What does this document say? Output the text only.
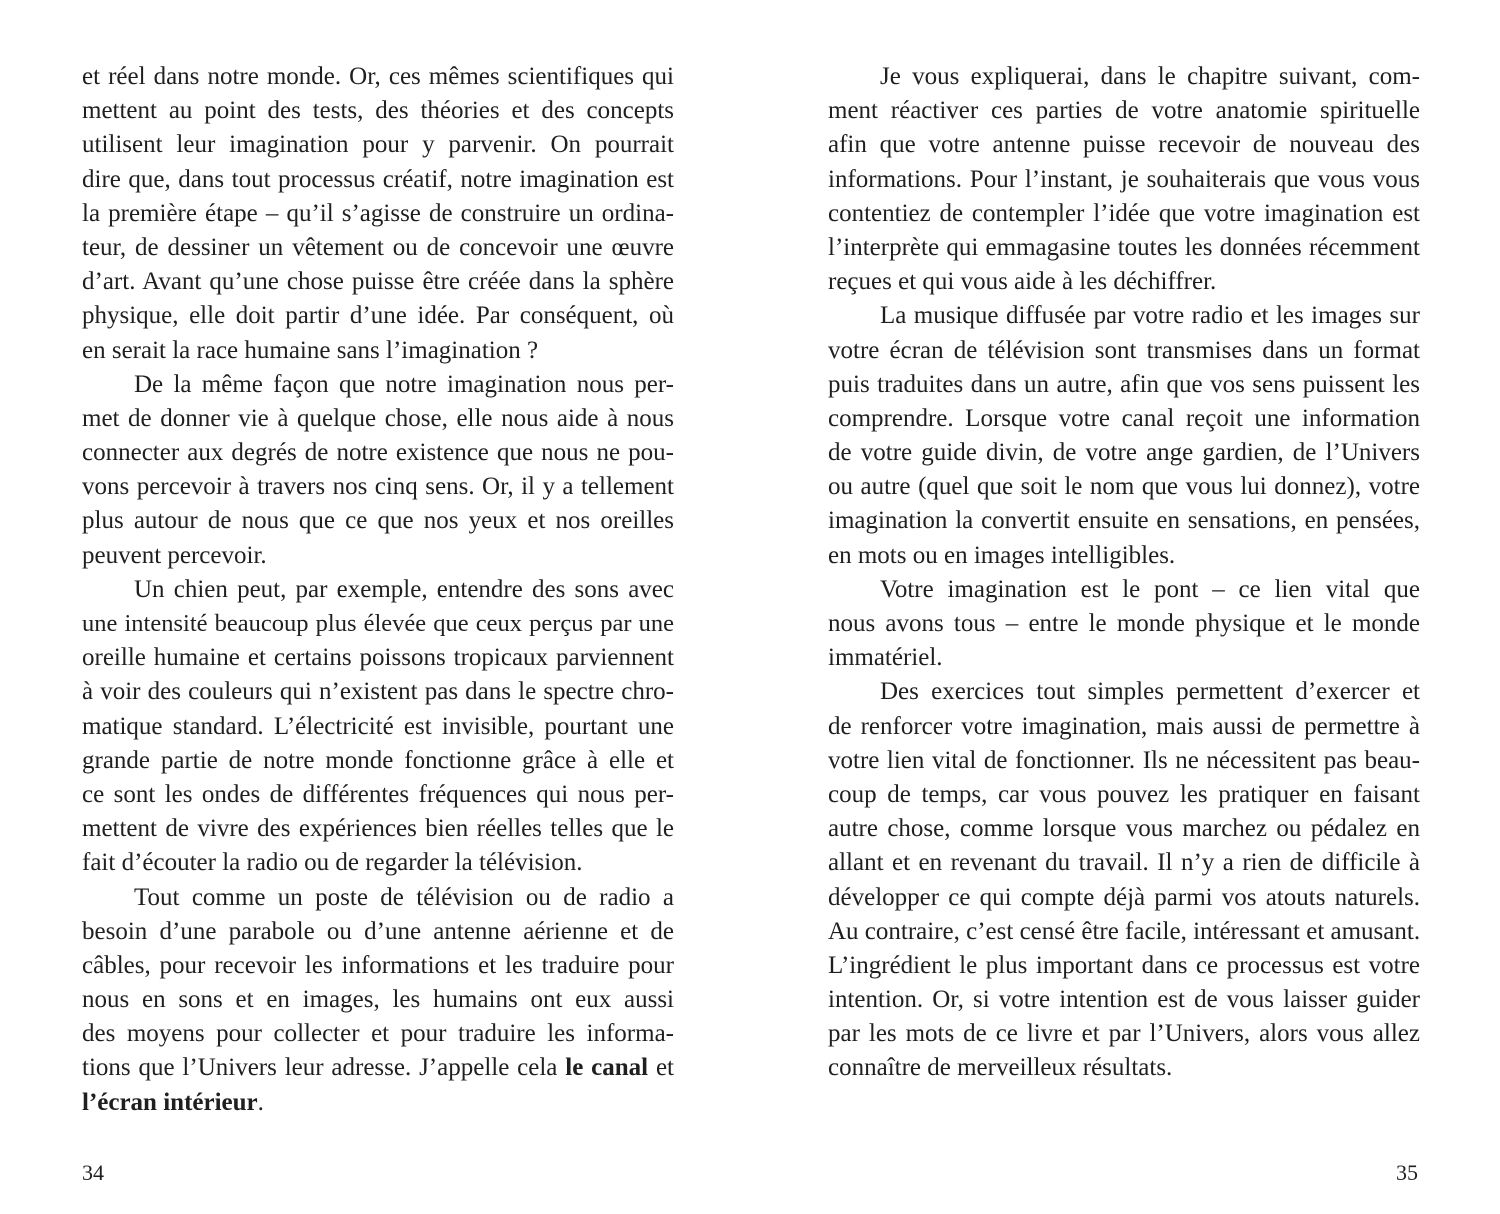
et réel dans notre monde. Or, ces mêmes scientifiques qui
mettent au point des tests, des théories et des concepts
utilisent leur imagination pour y parvenir. On pourrait
dire que, dans tout processus créatif, notre imagination est
la première étape – qu’il s’agisse de construire un ordina-
teur, de dessiner un vêtement ou de concevoir une œuvre
d’art. Avant qu’une chose puisse être créée dans la sphère
physique, elle doit partir d’une idée. Par conséquent, où
en serait la race humaine sans l’imagination ?
De la même façon que notre imagination nous per-
met de donner vie à quelque chose, elle nous aide à nous
connecter aux degrés de notre existence que nous ne pou-
vons percevoir à travers nos cinq sens. Or, il y a tellement
plus autour de nous que ce que nos yeux et nos oreilles
peuvent percevoir.
Un chien peut, par exemple, entendre des sons avec
une intensité beaucoup plus élevée que ceux perçus par une
oreille humaine et certains poissons tropicaux parviennent
à voir des couleurs qui n’existent pas dans le spectre chro-
matique standard. L’électricité est invisible, pourtant une
grande partie de notre monde fonctionne grâce à elle et
ce sont les ondes de différentes fréquences qui nous per-
mettent de vivre des expériences bien réelles telles que le
fait d’écouter la radio ou de regarder la télévision.
Tout comme un poste de télévision ou de radio a
besoin d’une parabole ou d’une antenne aérienne et de
câbles, pour recevoir les informations et les traduire pour
nous en sons et en images, les humains ont eux aussi
des moyens pour collecter et pour traduire les informa-
tions que l’Univers leur adresse. J’appelle cela le canal et
l’écran intérieur.
Je vous expliquerai, dans le chapitre suivant, com-
ment réactiver ces parties de votre anatomie spirituelle
afin que votre antenne puisse recevoir de nouveau des
informations. Pour l’instant, je souhaiterais que vous vous
contentiez de contempler l’idée que votre imagination est
l’interprète qui emmagasine toutes les données récemment
reçues et qui vous aide à les déchiffrer.
La musique diffusée par votre radio et les images sur
votre écran de télévision sont transmises dans un format
puis traduites dans un autre, afin que vos sens puissent les
comprendre. Lorsque votre canal reçoit une information
de votre guide divin, de votre ange gardien, de l’Univers
ou autre (quel que soit le nom que vous lui donnez), votre
imagination la convertit ensuite en sensations, en pensées,
en mots ou en images intelligibles.
Votre imagination est le pont – ce lien vital que
nous avons tous – entre le monde physique et le monde
immatériel.
Des exercices tout simples permettent d’exercer et
de renforcer votre imagination, mais aussi de permettre à
votre lien vital de fonctionner. Ils ne nécessitent pas beau-
coup de temps, car vous pouvez les pratiquer en faisant
autre chose, comme lorsque vous marchez ou pédalez en
allant et en revenant du travail. Il n’y a rien de difficile à
développer ce qui compte déjà parmi vos atouts naturels.
Au contraire, c’est censé être facile, intéressant et amusant.
L’ingrédient le plus important dans ce processus est votre
intention. Or, si votre intention est de vous laisser guider
par les mots de ce livre et par l’Univers, alors vous allez
connaître de merveilleux résultats.
34	35
